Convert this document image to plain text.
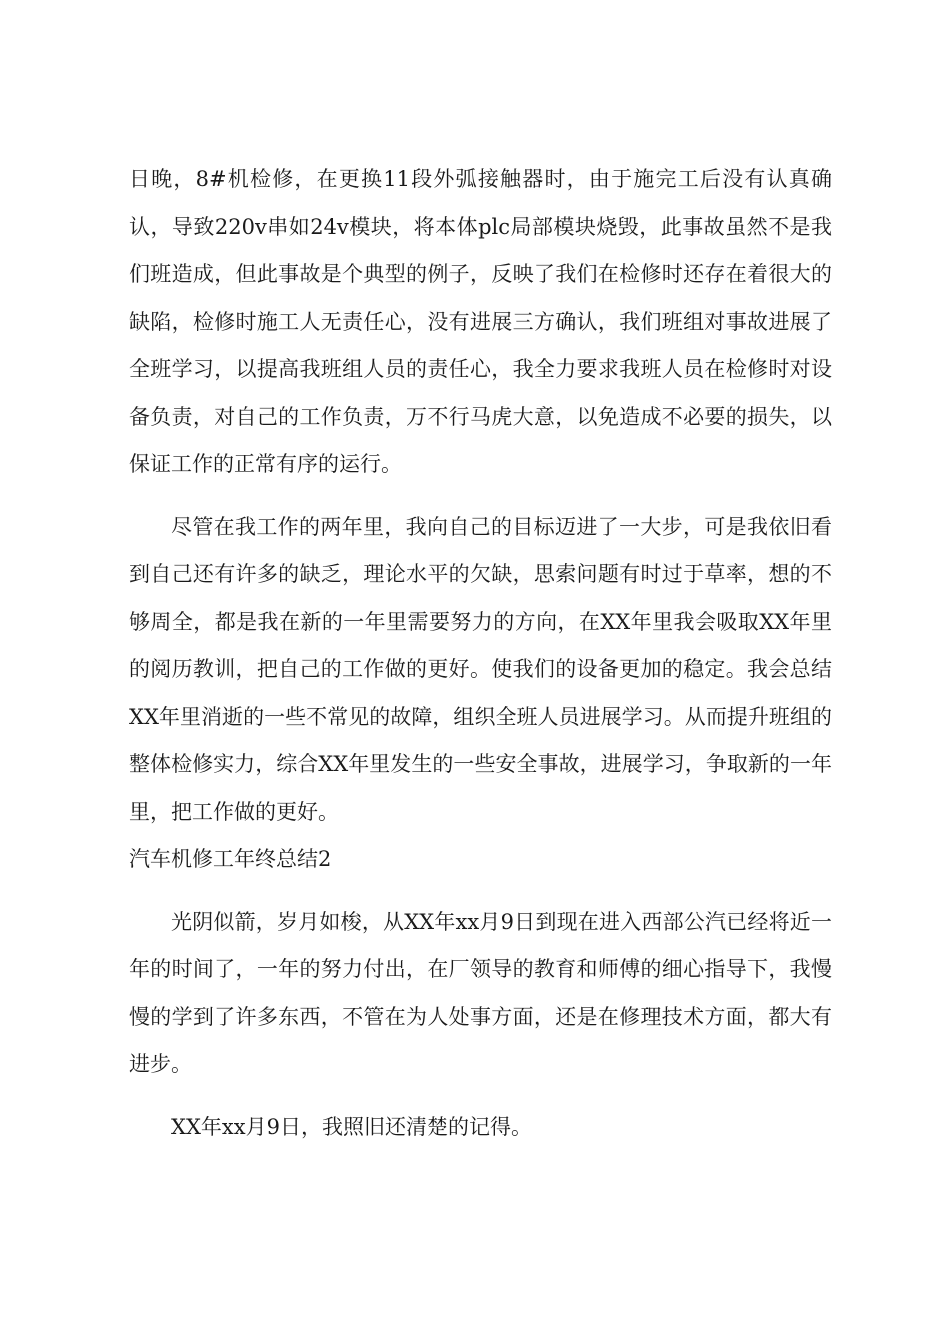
日晚，8#机检修，在更换11段外弧接触器时，由于施完工后没有认真确认，导致220v串如24v模块，将本体plc局部模块烧毁，此事故虽然不是我们班造成，但此事故是个典型的例子，反映了我们在检修时还存在着很大的缺陷，检修时施工人无责任心，没有进展三方确认，我们班组对事故进展了全班学习，以提高我班组人员的责任心，我全力要求我班人员在检修时对设备负责，对自己的工作负责，万不行马虎大意，以免造成不必要的损失，以保证工作的正常有序的运行。

尽管在我工作的两年里，我向自己的目标迈进了一大步，可是我依旧看到自己还有许多的缺乏，理论水平的欠缺，思索问题有时过于草率，想的不够周全，都是我在新的一年里需要努力的方向，在XX年里我会吸取XX年里的阅历教训，把自己的工作做的更好。使我们的设备更加的稳定。我会总结XX年里消逝的一些不常见的故障，组织全班人员进展学习。从而提升班组的整体检修实力，综合XX年里发生的一些安全事故，进展学习，争取新的一年里，把工作做的更好。

汽车机修工年终总结2

光阴似箭，岁月如梭，从XX年xx月9日到现在进入西部公汽已经将近一年的时间了，一年的努力付出，在厂领导的教育和师傅的细心指导下，我慢慢的学到了许多东西，不管在为人处事方面，还是在修理技术方面，都大有进步。

XX年xx月9日，我照旧还清楚的记得。
